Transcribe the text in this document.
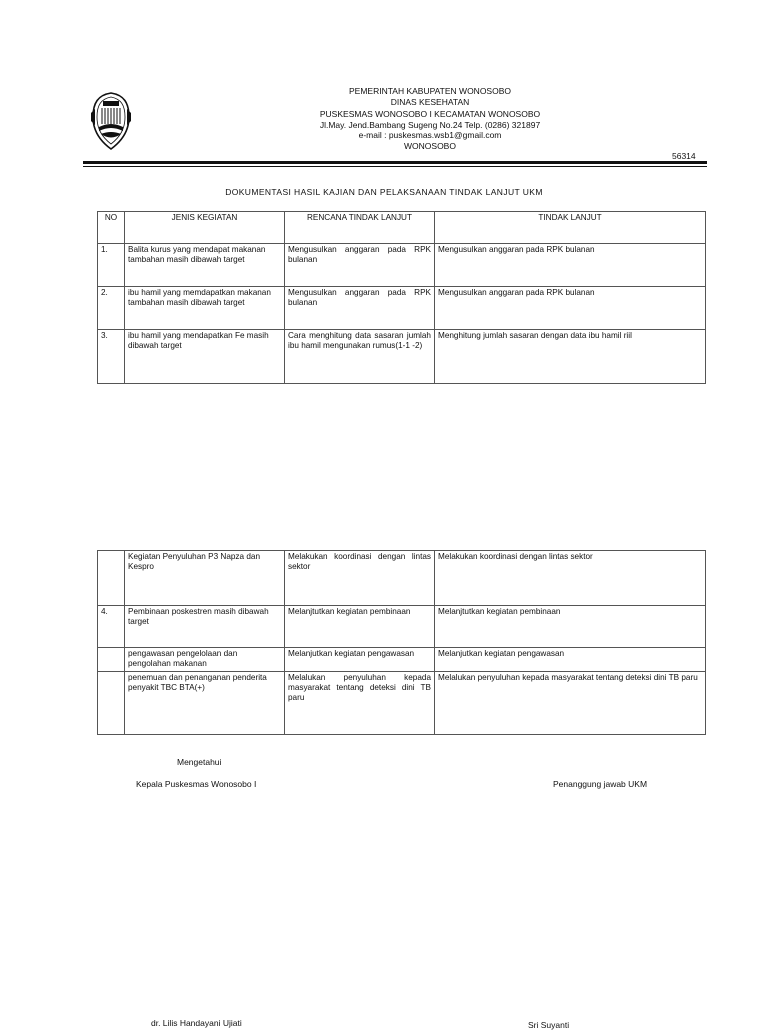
PEMERINTAH KABUPATEN WONOSOBO
DINAS KESEHATAN
PUSKESMAS WONOSOBO I KECAMATAN WONOSOBO
Jl.May. Jend.Bambang Sugeng No.24 Telp. (0286) 321897
e-mail : puskesmas.wsb1@gmail.com
WONOSOBO
56314
DOKUMENTASI HASIL KAJIAN DAN PELAKSANAAN TINDAK LANJUT UKM
NO	JENIS KEGIATAN	RENCANA TINDAK LANJUT	TINDAK LANJUT
1.	Balita kurus yang mendapat makanan tambahan masih dibawah target	Mengusulkan anggaran pada RPK bulanan	Mengusulkan anggaran pada RPK bulanan
2.	ibu hamil yang memdapatkan makanan tambahan masih dibawah target	Mengusulkan anggaran pada RPK bulanan	Mengusulkan anggaran pada RPK bulanan
3.	ibu hamil yang mendapatkan Fe masih dibawah target	Cara menghitung data sasaran jumlah ibu hamil mengunakan rumus(1-1 -2)	Menghitung jumlah sasaran dengan data ibu hamil riil
	Kegiatan Penyuluhan P3 Napza dan Kespro	Melakukan koordinasi dengan lintas sektor	Melakukan koordinasi dengan lintas sektor
4.	Pembinaan poskestren masih dibawah target	Melanjtutkan kegiatan pembinaan	Melanjtutkan kegiatan pembinaan
	pengawasan pengelolaan dan pengolahan makanan	Melanjutkan kegiatan pengawasan	Melanjutkan kegiatan pengawasan
	penemuan dan penanganan penderita penyakit TBC BTA(+)	Melalukan penyuluhan kepada masyarakat tentang deteksi dini TB paru	Melalukan penyuluhan kepada masyarakat tentang deteksi dini TB paru
Mengetahui
Kepala Puskesmas Wonosobo I	Penanggung jawab UKM
dr. Lilis Handayani Ujiati	Sri Suyanti
